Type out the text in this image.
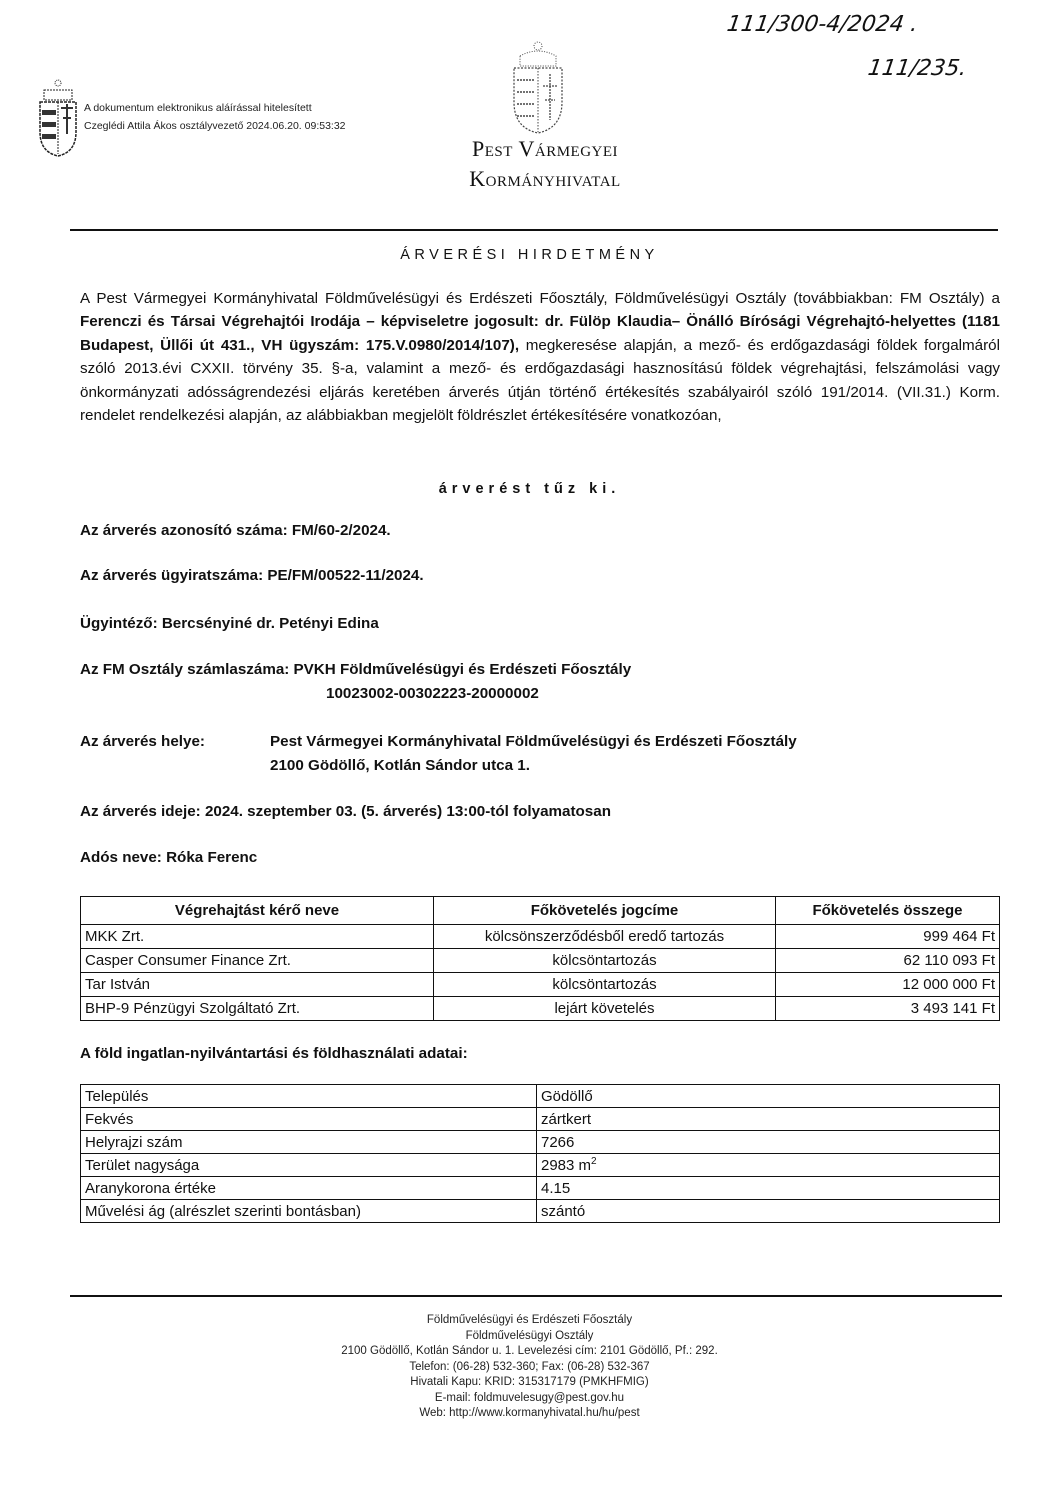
A dokumentum elektronikus aláírással hitelesített
Czeglédi Attila Ákos osztályvezető 2024.06.20. 09:53:32
Pest Vármegyei
Kormányhivatal
111/300-4/2024 .
111/235.
ÁRVERÉSI HIRDETMÉNY
A Pest Vármegyei Kormányhivatal Földművelésügyi és Erdészeti Főosztály, Földművelésügyi Osztály (továbbiakban: FM Osztály) a Ferenczi és Társai Végrehajtói Irodája – képviseletre jogosult: dr. Fülöp Klaudia– Önálló Bírósági Végrehajtó-helyettes (1181 Budapest, Üllői út 431., VH ügyszám: 175.V.0980/2014/107), megkeresése alapján, a mező- és erdőgazdasági földek forgalmáról szóló 2013.évi CXXII. törvény 35. §-a, valamint a mező- és erdőgazdasági hasznosítású földek végrehajtási, felszámolási vagy önkormányzati adósságrendezési eljárás keretében árverés útján történő értékesítés szabályairól szóló 191/2014. (VII.31.) Korm. rendelet rendelkezési alapján, az alábbiakban megjelölt földrészlet értékesítésére vonatkozóan,
árverést tűz ki.
Az árverés azonosító száma: FM/60-2/2024.
Az árverés ügyiratszáma: PE/FM/00522-11/2024.
Ügyintéző: Bercsényiné dr. Petényi Edina
Az FM Osztály számlaszáma: PVKH Földművelésügyi és Erdészeti Főosztály
10023002-00302223-20000002
Az árverés helye:	Pest Vármegyei Kormányhivatal Földművelésügyi és Erdészeti Főosztály
2100 Gödöllő, Kotlán Sándor utca 1.
Az árverés ideje: 2024. szeptember 03. (5. árverés) 13:00-tól folyamatosan
Adós neve: Róka Ferenc
Végrehajtást kérő neve	Főkövetelés jogcíme	Főkövetelés összege
MKK Zrt.	kölcsönszerződésből eredő tartozás	999 464 Ft
Casper Consumer Finance Zrt.	kölcsöntartozás	62 110 093 Ft
Tar István	kölcsöntartozás	12 000 000 Ft
BHP-9 Pénzügyi Szolgáltató Zrt.	lejárt követelés	3 493 141 Ft
A föld ingatlan-nyilvántartási és földhasználati adatai:
Település	Gödöllő
Fekvés	zártkert
Helyrajzi szám	7266
Terület nagysága	2983 $m^2$
Aranykorona értéke	4.15
Művelési ág (alrészlet szerinti bontásban)	szántó
Földművelésügyi és Erdészeti Főosztály
Földművelésügyi Osztály
2100 Gödöllő, Kotlán Sándor u. 1. Levelezési cím: 2101 Gödöllő, Pf.: 292.
Telefon: (06-28) 532-360; Fax: (06-28) 532-367
Hivatali Kapu: KRID: 315317179 (PMKHFMIG)
E-mail: foldmuvelesugy@pest.gov.hu
Web: http://www.kormanyhivatal.hu/hu/pest
